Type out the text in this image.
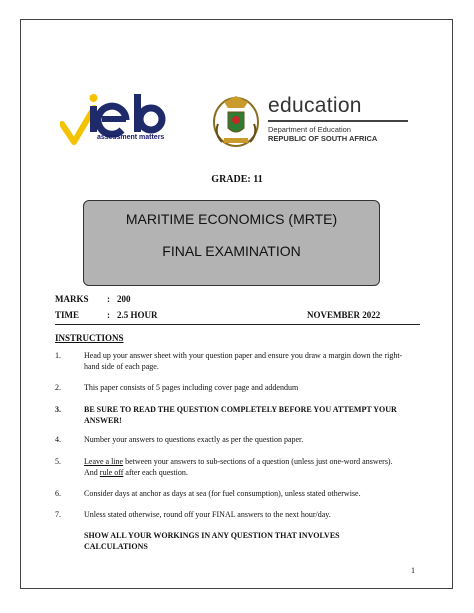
assessment matters
education
Department of Education
REPUBLIC OF SOUTH AFRICA
GRADE: 11
MARITIME ECONOMICS (MRTE)
FINAL EXAMINATION
MARKS	: 200
TIME	: 2.5 HOUR	NOVEMBER 2022
INSTRUCTIONS
1.	Head up your answer sheet with your question paper and ensure you draw a margin down the right-hand side of each page.
2.	This paper consists of 5 pages including cover page and addendum
3.	BE SURE TO READ THE QUESTION COMPLETELY BEFORE YOU ATTEMPT YOUR ANSWER!
4.	Number your answers to questions exactly as per the question paper.
5.	Leave a line between your answers to sub-sections of a question (unless just one-word answers).
And rule off after each question.
6.	Consider days at anchor as days at sea (for fuel consumption), unless stated otherwise.
7.	Unless stated otherwise, round off your FINAL answers to the next hour/day.
SHOW ALL YOUR WORKINGS IN ANY QUESTION THAT INVOLVES CALCULATIONS
1
